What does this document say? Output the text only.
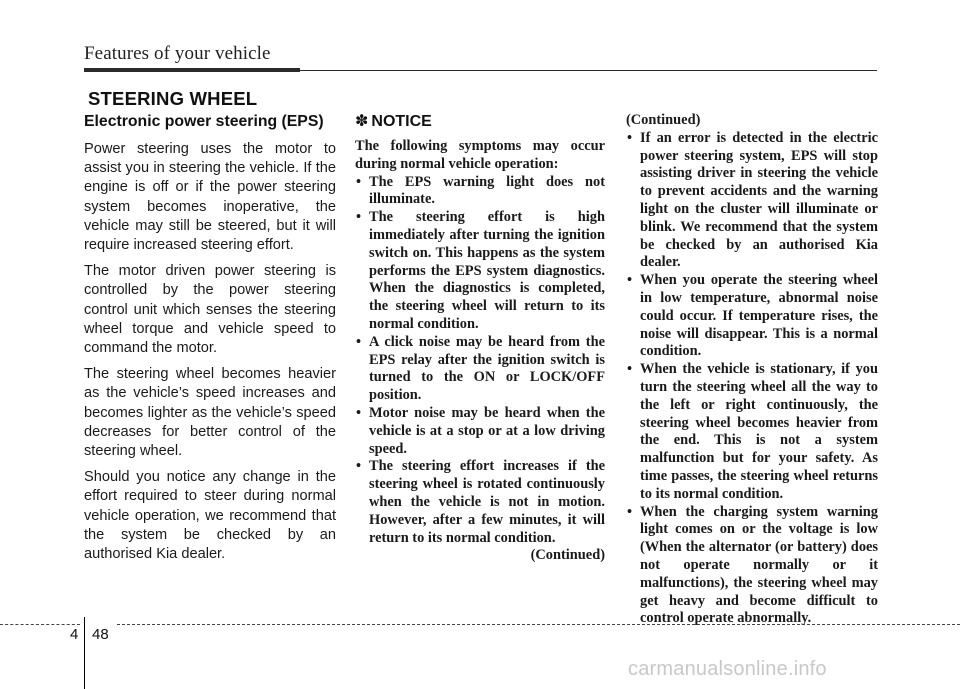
Features of your vehicle
STEERING WHEEL
Electronic power steering (EPS)

Power steering uses the motor to assist you in steering the vehicle. If the engine is off or if the power steering system becomes inoperative, the vehicle may still be steered, but it will require increased steering effort.

The motor driven power steering is controlled by the power steering control unit which senses the steering wheel torque and vehicle speed to command the motor.

The steering wheel becomes heavier as the vehicle’s speed increases and becomes lighter as the vehicle’s speed decreases for better control of the steering wheel.

Should you notice any change in the effort required to steer during normal vehicle operation, we recommend that the system be checked by an authorised Kia dealer.

✽ NOTICE

The following symptoms may occur during normal vehicle operation:

• The EPS warning light does not illuminate.
• The steering effort is high immediately after turning the ignition switch on. This happens as the system performs the EPS system diagnostics. When the diagnostics is completed, the steering wheel will return to its normal condition.
• A click noise may be heard from the EPS relay after the ignition switch is turned to the ON or LOCK/OFF position.
• Motor noise may be heard when the vehicle is at a stop or at a low driving speed.
• The steering effort increases if the steering wheel is rotated continuously when the vehicle is not in motion. However, after a few minutes, it will return to its normal condition.
(Continued)
(Continued)
• If an error is detected in the electric power steering system, EPS will stop assisting driver in steering the vehicle to prevent accidents and the warning light on the cluster will illuminate or blink. We recommend that the system be checked by an authorised Kia dealer.
• When you operate the steering wheel in low temperature, abnormal noise could occur. If temperature rises, the noise will disappear. This is a normal condition.
• When the vehicle is stationary, if you turn the steering wheel all the way to the left or right continuously, the steering wheel becomes heavier from the end. This is not a system malfunction but for your safety. As time passes, the steering wheel returns to its normal condition.
• When the charging system warning light comes on or the voltage is low (When the alternator (or battery) does not operate normally or it malfunctions), the steering wheel may get heavy and become difficult to control operate abnormally.
4 48
carmanualsonline.info
